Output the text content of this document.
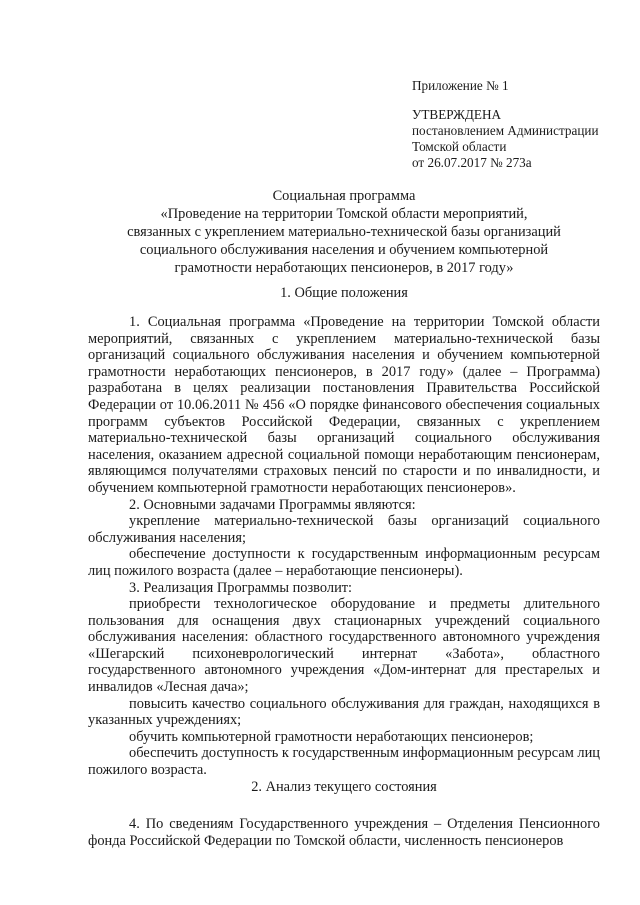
Приложение № 1
УТВЕРЖДЕНА
постановлением Администрации
Томской области
от 26.07.2017 № 273а
Социальная программа
«Проведение на территории Томской области мероприятий,
связанных с укреплением материально-технической базы организаций
социального обслуживания населения и обучением компьютерной
грамотности неработающих пенсионеров, в 2017 году»
1. Общие положения

1. Социальная программа «Проведение на территории Томской области мероприятий, связанных с укреплением материально-технической базы организаций социального обслуживания населения и обучением компьютерной грамотности неработающих пенсионеров, в 2017 году» (далее – Программа) разработана в целях реализации постановления Правительства Российской Федерации от 10.06.2011 № 456 «О порядке финансового обеспечения социальных программ субъектов Российской Федерации, связанных с укреплением материально-технической базы организаций социального обслуживания населения, оказанием адресной социальной помощи неработающим пенсионерам, являющимся получателями страховых пенсий по старости и по инвалидности, и обучением компьютерной грамотности неработающих пенсионеров».

2. Основными задачами Программы являются:

укрепление материально-технической базы организаций социального обслуживания населения;

обеспечение доступности к государственным информационным ресурсам лиц пожилого возраста (далее – неработающие пенсионеры).

3. Реализация Программы позволит:

приобрести технологическое оборудование и предметы длительного пользования для оснащения двух стационарных учреждений социального обслуживания населения: областного государственного автономного учреждения «Шегарский психоневрологический интернат «Забота», областного государственного автономного учреждения «Дом-интернат для престарелых и инвалидов «Лесная дача»;

повысить качество социального обслуживания для граждан, находящихся в указанных учреждениях;

обучить компьютерной грамотности неработающих пенсионеров;

обеспечить доступность к государственным информационным ресурсам лиц пожилого возраста.

2. Анализ текущего состояния

4. По сведениям Государственного учреждения – Отделения Пенсионного фонда Российской Федерации по Томской области, численность пенсионеров
